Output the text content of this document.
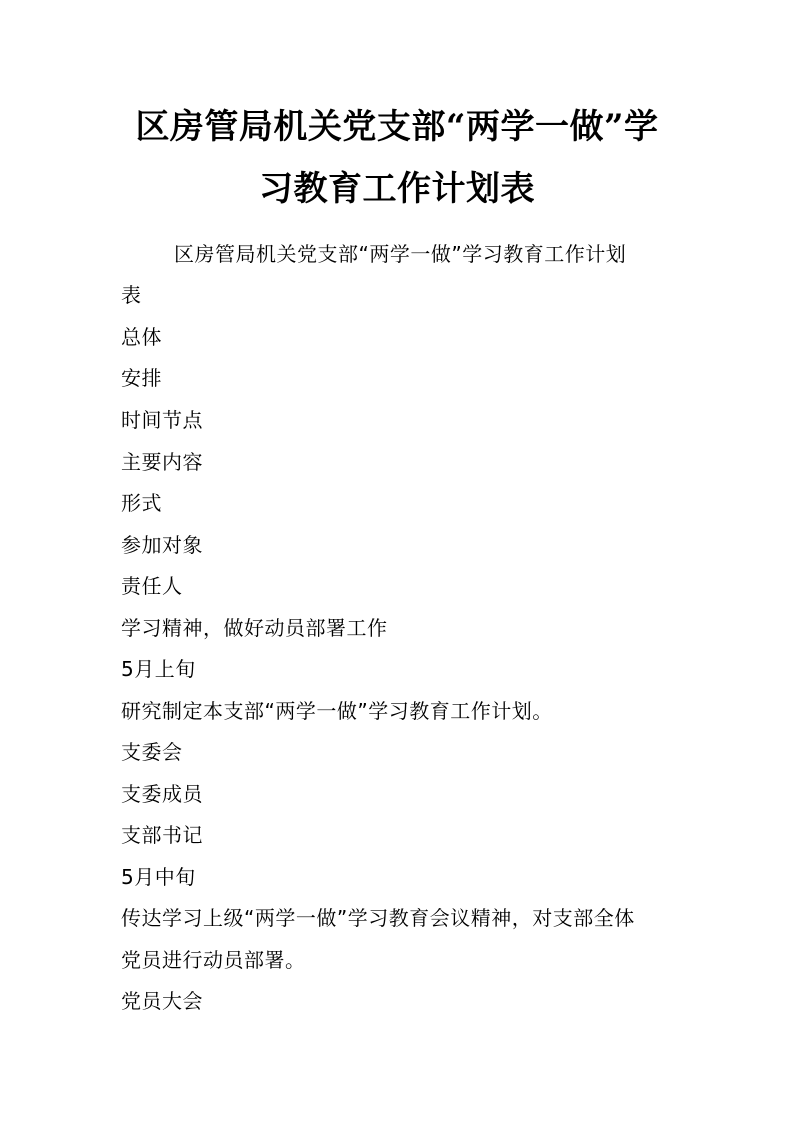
区房管局机关党支部“两学一做”学
习教育工作计划表
区房管局机关党支部“两学一做”学习教育工作计划
表
总体
安排
时间节点
主要内容
形式
参加对象
责任人
学习精神，做好动员部署工作
5月上旬
研究制定本支部“两学一做”学习教育工作计划。
支委会
支委成员
支部书记
5月中旬
传达学习上级“两学一做”学习教育会议精神，对支部全体
党员进行动员部署。
党员大会
